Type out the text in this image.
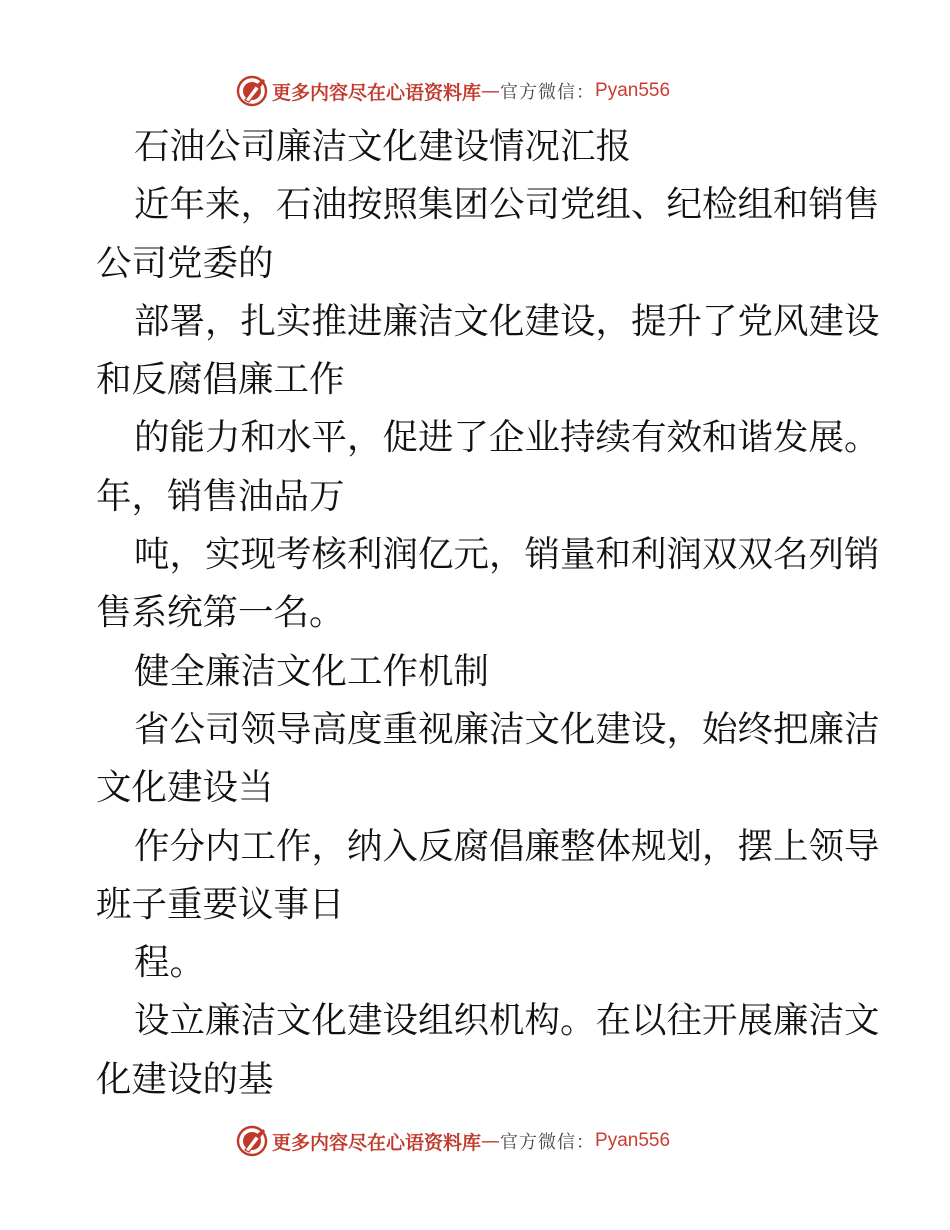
更多内容尽在心语资料库 — 官方微信： Pyan556
石油公司廉洁文化建设情况汇报
近年来，石油按照集团公司党组、纪检组和销售
公司党委的
部署，扎实推进廉洁文化建设，提升了党风建设
和反腐倡廉工作
的能力和水平，促进了企业持续有效和谐发展。
年，销售油品万
吨，实现考核利润亿元，销量和利润双双名列销
售系统第一名。
健全廉洁文化工作机制
省公司领导高度重视廉洁文化建设，始终把廉洁
文化建设当
作分内工作，纳入反腐倡廉整体规划，摆上领导
班子重要议事日
程。
设立廉洁文化建设组织机构。在以往开展廉洁文
化建设的基
更多内容尽在心语资料库 — 官方微信： Pyan556
